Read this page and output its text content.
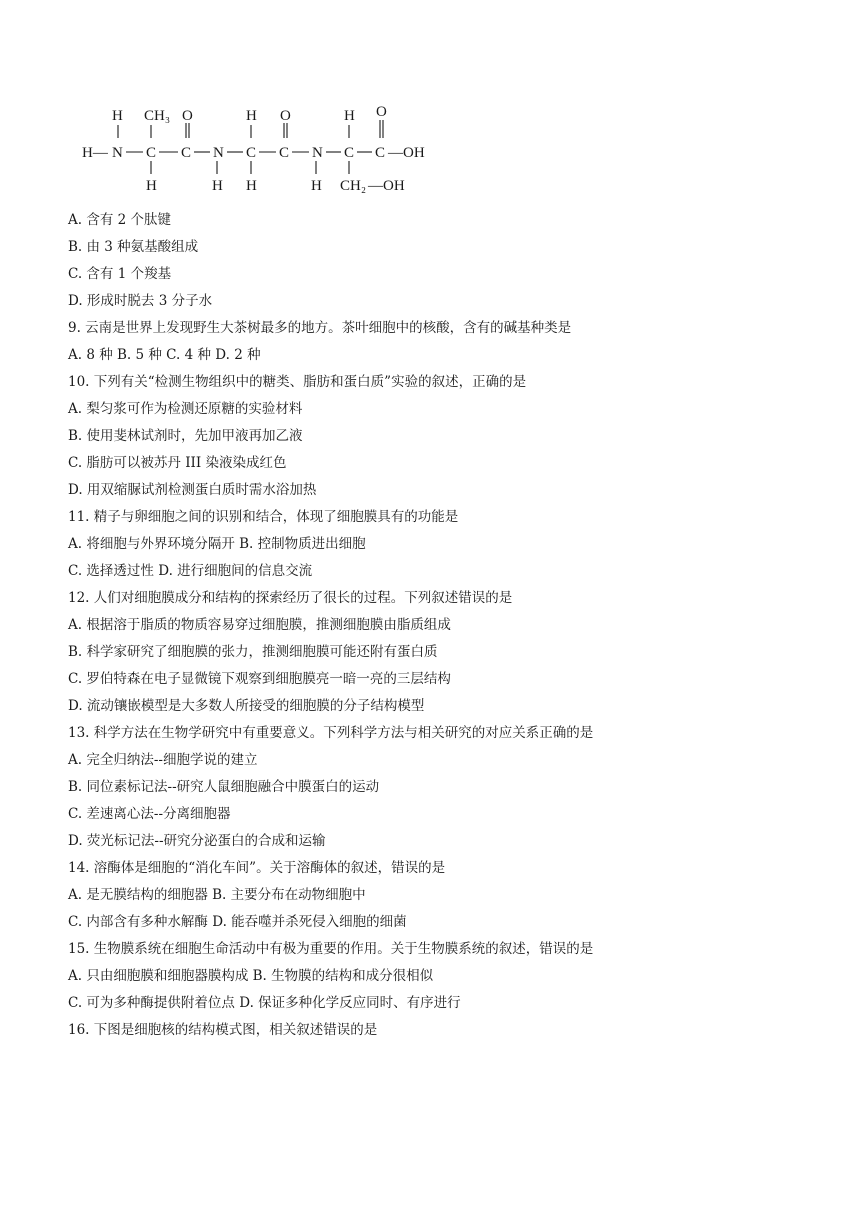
H CH₃ O	H O	H O
H— N C C N C C N C C —OH
H	H H	H CH₂ —OH
A. 含有 2 个肽键
B. 由 3 种氨基酸组成
C. 含有 1 个羧基
D. 形成时脱去 3 分子水
9. 云南是世界上发现野生大茶树最多的地方。茶叶细胞中的核酸，含有的碱基种类是
A. 8 种 B. 5 种 C. 4 种 D. 2 种
10. 下列有关“检测生物组织中的糖类、脂肪和蛋白质”实验的叙述，正确的是
A. 梨匀浆可作为检测还原糖的实验材料
B. 使用斐林试剂时，先加甲液再加乙液
C. 脂肪可以被苏丹 III 染液染成红色
D. 用双缩脲试剂检测蛋白质时需水浴加热
11. 精子与卵细胞之间的识别和结合，体现了细胞膜具有的功能是
A. 将细胞与外界环境分隔开 B. 控制物质进出细胞
C. 选择透过性 D. 进行细胞间的信息交流
12. 人们对细胞膜成分和结构的探索经历了很长的过程。下列叙述错误的是
A. 根据溶于脂质的物质容易穿过细胞膜，推测细胞膜由脂质组成
B. 科学家研究了细胞膜的张力，推测细胞膜可能还附有蛋白质
C. 罗伯特森在电子显微镜下观察到细胞膜亮一暗一亮的三层结构
D. 流动镶嵌模型是大多数人所接受的细胞膜的分子结构模型
13. 科学方法在生物学研究中有重要意义。下列科学方法与相关研究的对应关系正确的是
A. 完全归纳法--细胞学说的建立
B. 同位素标记法--研究人鼠细胞融合中膜蛋白的运动
C. 差速离心法--分离细胞器
D. 荧光标记法--研究分泌蛋白的合成和运输
14. 溶酶体是细胞的“消化车间”。关于溶酶体的叙述，错误的是
A. 是无膜结构的细胞器 B. 主要分布在动物细胞中
C. 内部含有多种水解酶 D. 能吞噬并杀死侵入细胞的细菌
15. 生物膜系统在细胞生命活动中有极为重要的作用。关于生物膜系统的叙述，错误的是
A. 只由细胞膜和细胞器膜构成 B. 生物膜的结构和成分很相似
C. 可为多种酶提供附着位点 D. 保证多种化学反应同时、有序进行
16. 下图是细胞核的结构模式图，相关叙述错误的是
